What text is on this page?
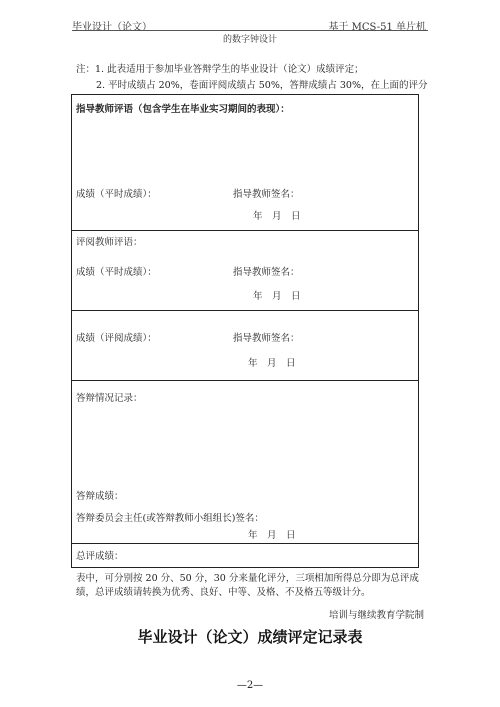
毕业设计（论文）	基于 MCS-51 单片机
的数字钟设计
注：1. 此表适用于参加毕业答辩学生的毕业设计（论文）成绩评定；
2. 平时成绩占 20%，卷面评阅成绩占 50%，答辩成绩占 30%，在上面的评分
指导教师评语（包含学生在毕业实习期间的表现）：
成绩（平时成绩）：	指导教师签名：
年　月　日
评阅教师评语：
成绩（平时成绩）：	指导教师签名：
年　月　日
成绩（评阅成绩）：	指导教师签名：
年　月　日
答辩情况记录：
答辩成绩：
答辩委员会主任(或答辩教师小组组长)签名：
年　月　日
总评成绩：
表中，可分别按 20 分、50 分，30 分来量化评分，三项相加所得总分即为总评成
绩，总评成绩请转换为优秀、良好、中等、及格、不及格五等级计分。
培训与继续教育学院制
毕业设计（论文）成绩评定记录表
—2—
